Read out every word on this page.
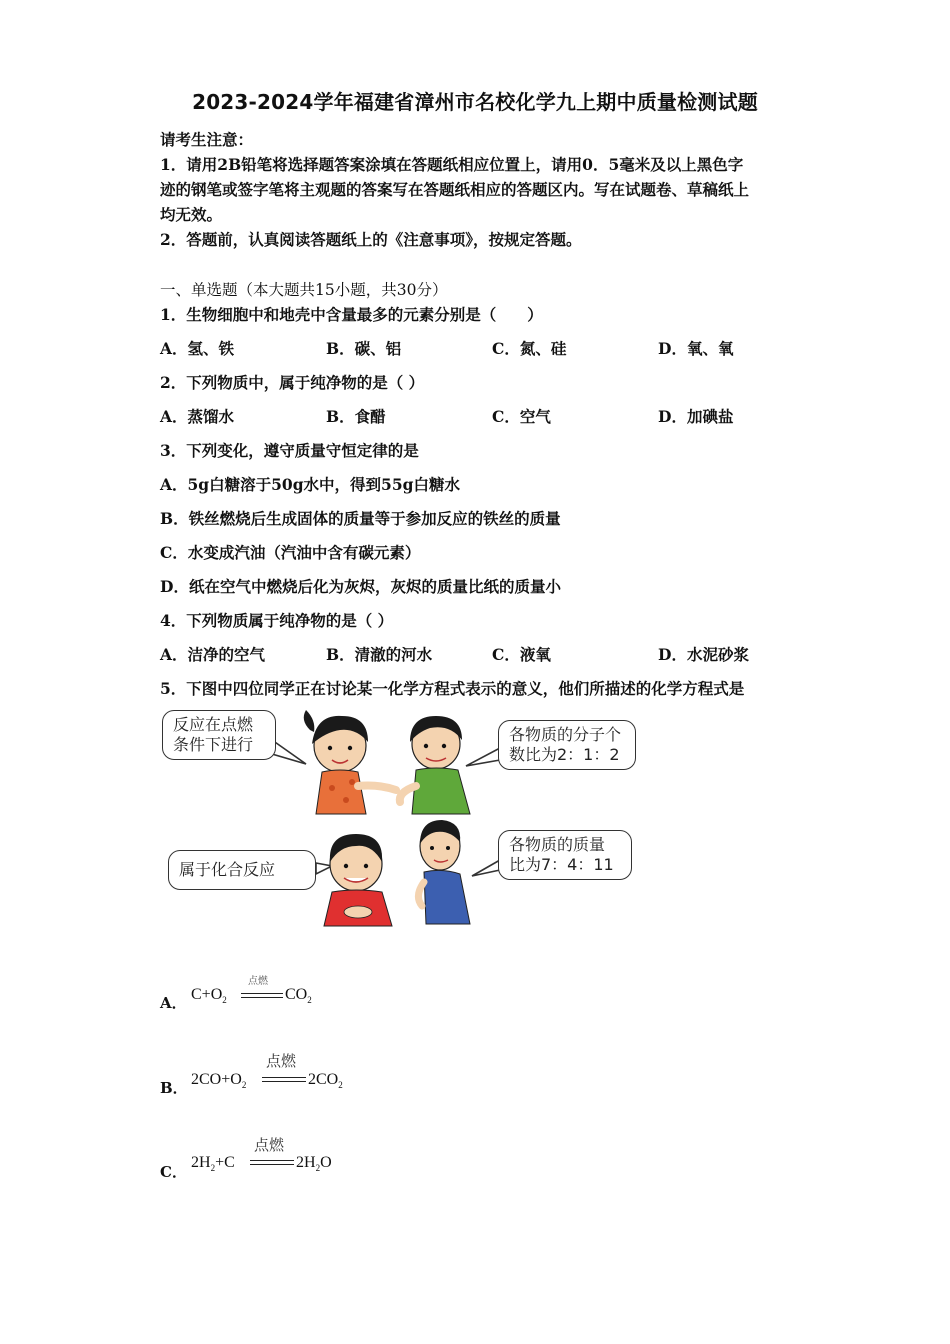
2023-2024学年福建省漳州市名校化学九上期中质量检测试题
请考生注意：
1．请用2B铅笔将选择题答案涂填在答题纸相应位置上，请用0．5毫米及以上黑色字
迹的钢笔或签字笔将主观题的答案写在答题纸相应的答题区内。写在试题卷、草稿纸上
均无效。
2．答题前，认真阅读答题纸上的《注意事项》，按规定答题。
一、单选题（本大题共15小题，共30分）
1．生物细胞中和地壳中含量最多的元素分别是（　　）
A．氢、铁	B．碳、铝	C．氮、硅	D．氧、氧
2．下列物质中，属于纯净物的是（ ）
A．蒸馏水	B．食醋	C．空气	D．加碘盐
3．下列变化，遵守质量守恒定律的是
A．5g白糖溶于50g水中，得到55g白糖水
B．铁丝燃烧后生成固体的质量等于参加反应的铁丝的质量
C．水变成汽油（汽油中含有碳元素）
D．纸在空气中燃烧后化为灰烬，灰烬的质量比纸的质量小
4．下列物质属于纯净物的是（ ）
A．洁净的空气	B．清澈的河水	C．液氧	D．水泥砂浆
5．下图中四位同学正在讨论某一化学方程式表示的意义，他们所描述的化学方程式是
反应在点燃
条件下进行
各物质的分子个
数比为2：1：2
属于化合反应
各物质的质量
比为7：4：11
A． $C+O_2$
点燃
$CO_2$
B． $2CO+O_2$
点燃
$2CO_2$
C．
$2H_2+C$
点燃
$2H_2O$
